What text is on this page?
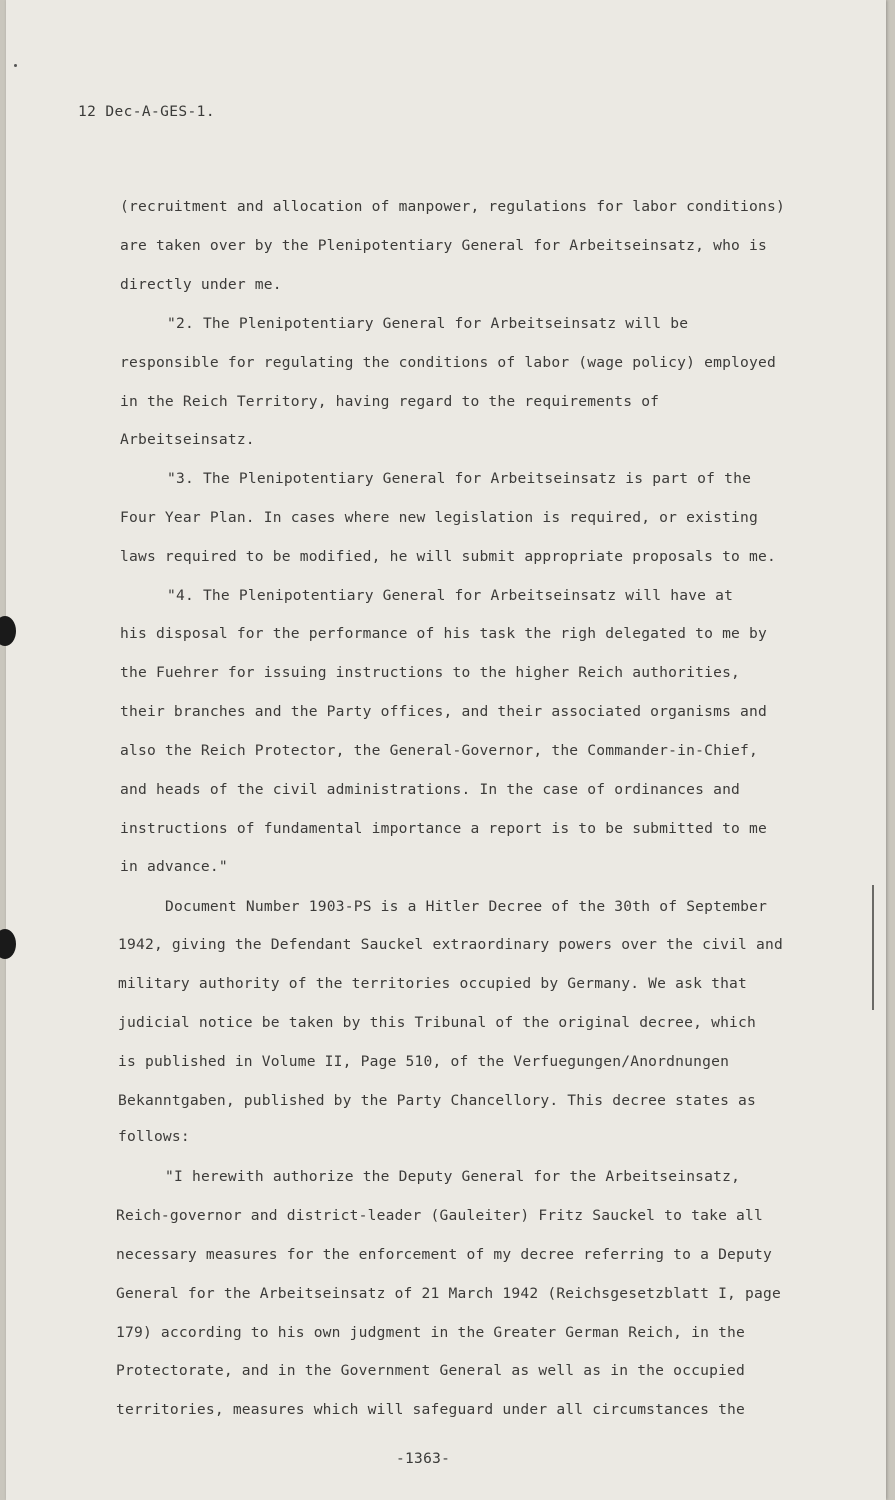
12 Dec-A-GES-1.
(recruitment and allocation of manpower, regulations for labor conditions)
are taken over by the Plenipotentiary General for Arbeitseinsatz, who is
directly under me.
"2. The Plenipotentiary General for Arbeitseinsatz will be
responsible for regulating the conditions of labor (wage policy) employed
in the Reich Territory, having regard to the requirements of
Arbeitseinsatz.
"3. The Plenipotentiary General for Arbeitseinsatz is part of the
Four Year Plan. In cases where new legislation is required, or existing
laws required to be modified, he will submit appropriate proposals to me.
"4. The Plenipotentiary General for Arbeitseinsatz will have at
his disposal for the performance of his task the righ delegated to me by
the Fuehrer for issuing instructions to the higher Reich authorities,
their branches and the Party offices, and their associated organisms and
also the Reich Protector, the General-Governor, the Commander-in-Chief,
and heads of the civil administrations. In the case of ordinances and
instructions of fundamental importance a report is to be submitted to me
in advance."
Document Number 1903-PS is a Hitler Decree of the 30th of September
1942, giving the Defendant Sauckel extraordinary powers over the civil and
military authority of the territories occupied by Germany. We ask that
judicial notice be taken by this Tribunal of the original decree, which
is published in Volume II, Page 510, of the Verfuegungen/Anordnungen
Bekanntgaben, published by the Party Chancellory. This decree states as
follows:
"I herewith authorize the Deputy General for the Arbeitseinsatz,
Reich-governor and district-leader (Gauleiter) Fritz Sauckel to take all
necessary measures for the enforcement of my decree referring to a Deputy
General for the Arbeitseinsatz of 21 March 1942 (Reichsgesetzblatt I, page
179) according to his own judgment in the Greater German Reich, in the
Protectorate, and in the Government General as well as in the occupied
territories, measures which will safeguard under all circumstances the
-1363-
